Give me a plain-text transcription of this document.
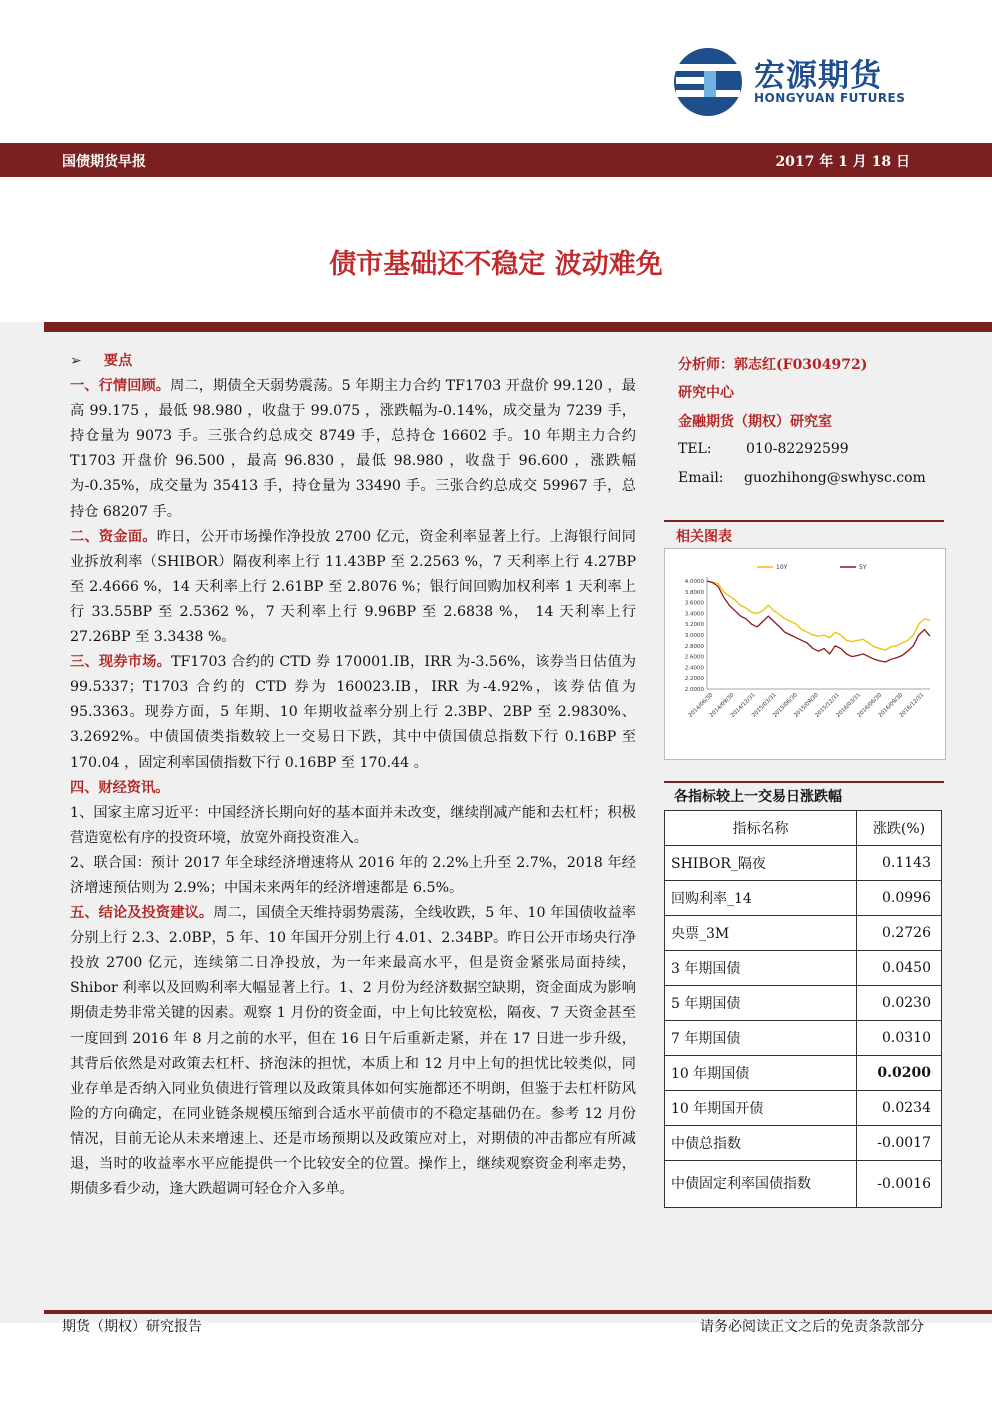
宏源期货
HONGYUAN FUTURES
国债期货早报	2017 年 1 月 18 日
债市基础还不稳定 波动难免

➢ 要点

一、行情回顾。周二，期债全天弱势震荡。5 年期主力合约 TF1703 开盘价 99.120 ，最高 99.175 ，最低 98.980 ，收盘于 99.075 ，涨跌幅为-0.14%，成交量为 7239 手，持仓量为 9073 手。三张合约总成交 8749 手，总持仓 16602 手。10 年期主力合约 T1703 开盘价 96.500 ，最高 96.830 ，最低 98.980 ，收盘于 96.600 ，涨跌幅为-0.35%，成交量为 35413 手，持仓量为 33490 手。三张合约总成交 59967 手，总持仓 68207 手。

二、资金面。昨日，公开市场操作净投放 2700 亿元，资金利率显著上行。上海银行间同业拆放利率（SHIBOR）隔夜利率上行 11.43BP 至 2.2563 %，7 天利率上行 4.27BP 至 2.4666 %，14 天利率上行 2.61BP 至 2.8076 %；银行间回购加权利率 1 天利率上行 33.55BP 至 2.5362 %，7 天利率上行 9.96BP 至 2.6838 %， 14 天利率上行 27.26BP 至 3.3438 %。

三、现券市场。TF1703 合约的 CTD 券 170001.IB，IRR 为-3.56%，该券当日估值为 99.5337；T1703 合约的 CTD 券为 160023.IB，IRR 为-4.92%，该券估值为 95.3363。现券方面，5 年期、10 年期收益率分别上行 2.3BP、2BP 至 2.9830%、3.2692%。中债国债类指数较上一交易日下跌，其中中债国债总指数下行 0.16BP 至 170.04 ，固定利率国债指数下行 0.16BP 至 170.44 。

四、财经资讯。

1、国家主席习近平：中国经济长期向好的基本面并未改变，继续削减产能和去杠杆；积极营造宽松有序的投资环境，放宽外商投资准入。

2、联合国：预计 2017 年全球经济增速将从 2016 年的 2.2%上升至 2.7%，2018 年经济增速预估则为 2.9%；中国未来两年的经济增速都是 6.5%。

五、结论及投资建议。周二，国债全天维持弱势震荡，全线收跌，5 年、10 年国债收益率分别上行 2.3、2.0BP，5 年、10 年国开分别上行 4.01、2.34BP。昨日公开市场央行净投放 2700 亿元，连续第二日净投放，为一年来最高水平，但是资金紧张局面持续，Shibor 利率以及回购利率大幅显著上行。1、2 月份为经济数据空缺期，资金面成为影响期债走势非常关键的因素。观察 1 月份的资金面，中上旬比较宽松，隔夜、7 天资金甚至一度回到 2016 年 8 月之前的水平，但在 16 日午后重新走紧，并在 17 日进一步升级，其背后依然是对政策去杠杆、挤泡沫的担忧，本质上和 12 月中上旬的担忧比较类似，同业存单是否纳入同业负债进行管理以及政策具体如何实施都还不明朗，但鉴于去杠杆防风险的方向确定，在同业链条规模压缩到合适水平前债市的不稳定基础仍在。参考 12 月份情况，目前无论从未来增速上、还是市场预期以及政策应对上，对期债的冲击都应有所减退，当时的收益率水平应能提供一个比较安全的位置。操作上，继续观察资金利率走势，期债多看少动，逢大跌超调可轻仓介入多单。

分析师：郭志红(F0304972)
研究中心
金融期货（期权）研究室
TEL: 010-82292599
Email: guozhihong@swhysc.com
相关图表
4.0000
3.8000
3.6000
3.4000
3.2000
3.0000
2.8000
2.6000
2.4000
2.2000
2.0000
2014/06/30
2014/09/30
2014/12/31
2015/03/31
2015/06/30
2015/09/30
2015/12/31
2016/03/31
2016/06/30
2016/09/30
2016/12/31
10Y	5Y
各指标较上一交易日涨跌幅
指标名称	涨跌(%)
SHIBOR_隔夜	0.1143
回购利率_14	0.0996
央票_3M	0.2726
3 年期国债	0.0450
5 年期国债	0.0230
7 年期国债	0.0310
10 年期国债	0.0200
10 年期国开债	0.0234
中债总指数	-0.0017
中债固定利率国债指数	-0.0016
期货（期权）研究报告	请务必阅读正文之后的免责条款部分
